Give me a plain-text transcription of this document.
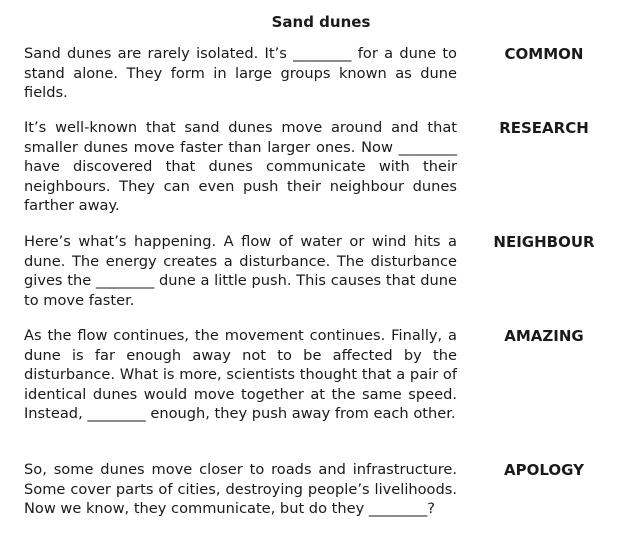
Sand dunes
Sand dunes are rarely isolated. It’s ________ for a dune to stand alone. They form in large groups known as dune fields.
COMMON
It’s well-known that sand dunes move around and that smaller dunes move faster than larger ones. Now ________ have discovered that dunes communicate with their neighbours. They can even push their neighbour dunes farther away.
RESEARCH
Here’s what’s happening. A flow of water or wind hits a dune. The energy creates a disturbance. The disturbance gives the ________ dune a little push. This causes that dune to move faster.
NEIGHBOUR
As the flow continues, the movement continues. Finally, a dune is far enough away not to be affected by the disturbance. What is more, scientists thought that a pair of identical dunes would move together at the same speed. Instead, ________ enough, they push away from each other.
AMAZING
So, some dunes move closer to roads and infrastructure. Some cover parts of cities, destroying people’s livelihoods. Now we know, they communicate, but do they ________?
APOLOGY
